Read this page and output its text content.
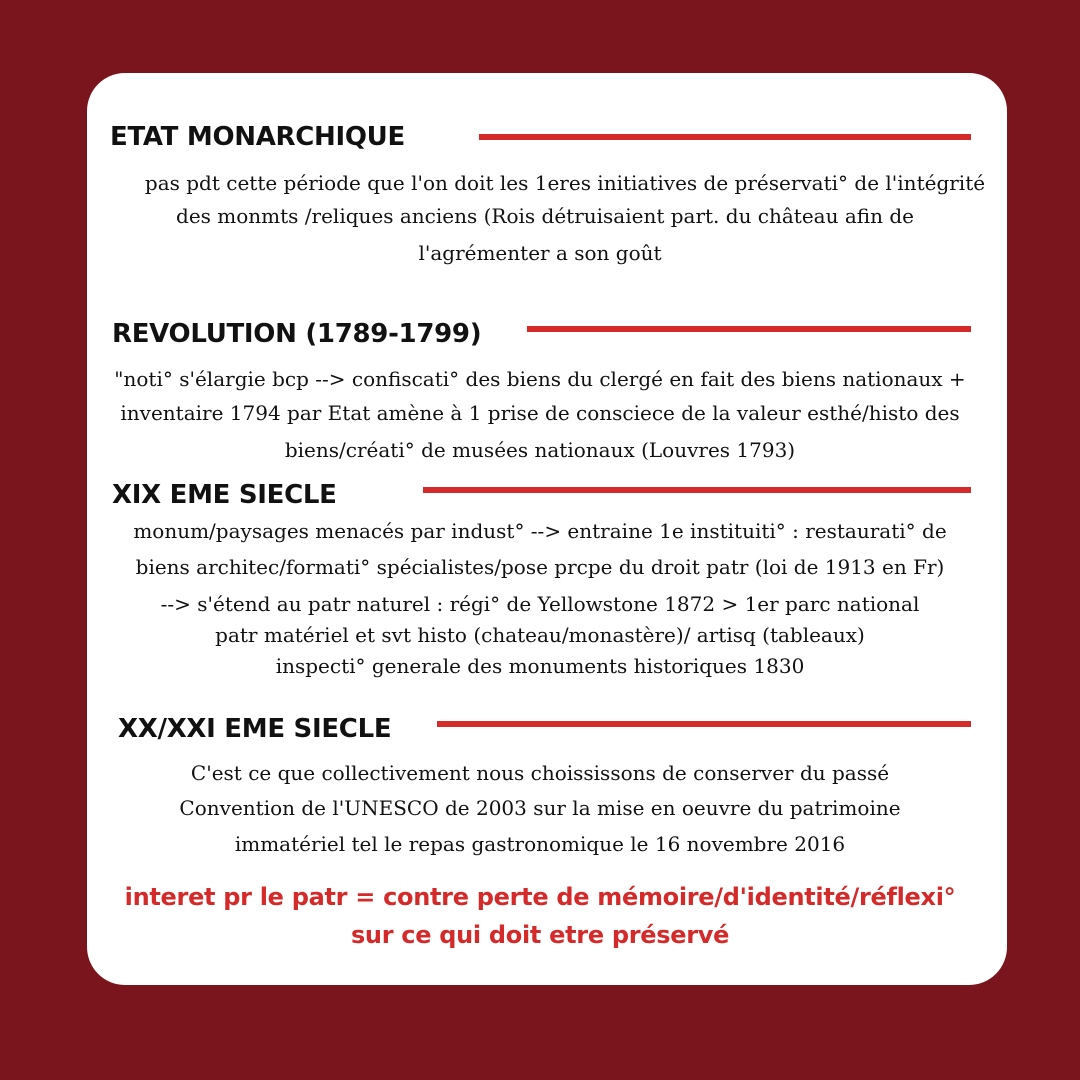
ETAT MONARCHIQUE
pas pdt cette période que l'on doit les 1eres initiatives de préservati° de l'intégrité
des monmts /reliques anciens (Rois détruisaient part. du château afin de
l'agrémenter a son goût
REVOLUTION (1789-1799)
"noti° s'élargie bcp --> confiscati° des biens du clergé en fait des biens nationaux +
inventaire 1794 par Etat amène à 1 prise de consciece de la valeur esthé/histo des
biens/créati° de musées nationaux (Louvres 1793)
XIX EME SIECLE
monum/paysages menacés par indust° --> entraine 1e instituiti° : restaurati° de
biens architec/formati° spécialistes/pose prcpe du droit patr (loi de 1913 en Fr)
--> s'étend au patr naturel : régi° de Yellowstone 1872 > 1er parc national
patr matériel et svt histo (chateau/monastère)/ artisq (tableaux)
inspecti° generale des monuments historiques 1830
XX/XXI EME SIECLE
C'est ce que collectivement nous choississons de conserver du passé
Convention de l'UNESCO de 2003 sur la mise en oeuvre du patrimoine
immatériel tel le repas gastronomique le 16 novembre 2016
interet pr le patr = contre perte de mémoire/d'identité/réflexi°
sur ce qui doit etre préservé
